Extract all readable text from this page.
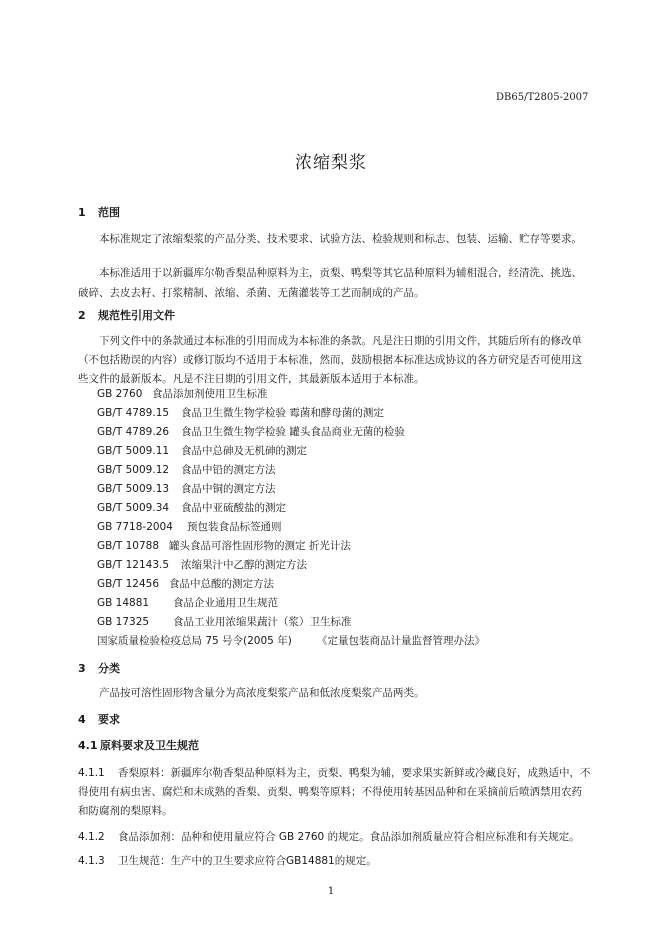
DB65/T2805-2007
浓缩梨浆
1 范围
本标准规定了浓缩梨浆的产品分类、技术要求、试验方法、检验规则和标志、包装、运输、贮存等要求。
本标准适用于以新疆库尔勒香梨品种原料为主，贡梨、鸭梨等其它品种原料为辅相混合，经清洗、挑选、破碎、去皮去籽、打浆精制、浓缩、杀菌、无菌灌装等工艺而制成的产品。
2 规范性引用文件
下列文件中的条款通过本标准的引用而成为本标准的条款。凡是注日期的引用文件，其随后所有的修改单（不包括勘误的内容）或修订版均不适用于本标准，然而，鼓励根据本标准达成协议的各方研究是否可使用这些文件的最新版本。凡是不注日期的引用文件，其最新版本适用于本标准。
GB 2760 食品添加剂使用卫生标准
GB/T 4789.15 食品卫生微生物学检验 霉菌和酵母菌的测定
GB/T 4789.26 食品卫生微生物学检验 罐头食品商业无菌的检验
GB/T 5009.11 食品中总砷及无机砷的测定
GB/T 5009.12 食品中铅的测定方法
GB/T 5009.13 食品中铜的测定方法
GB/T 5009.34 食品中亚硫酸盐的测定
GB 7718-2004 预包装食品标签通则
GB/T 10788 罐头食品可溶性固形物的测定 折光计法
GB/T 12143.5 浓缩果汁中乙醇的测定方法
GB/T 12456 食品中总酸的测定方法
GB 14881 食品企业通用卫生规范
GB 17325 食品工业用浓缩果蔬汁（浆）卫生标准
国家质量检验检疫总局 75 号令(2005 年) 《定量包装商品计量监督管理办法》
3 分类
产品按可溶性固形物含量分为高浓度梨浆产品和低浓度梨浆产品两类。
4 要求
4.1 原料要求及卫生规范
4.1.1 香梨原料：新疆库尔勒香梨品种原料为主，贡梨、鸭梨为辅，要求果实新鲜或冷藏良好，成熟适中，不得使用有病虫害、腐烂和未成熟的香梨、贡梨、鸭梨等原料；不得使用转基因品种和在采摘前后喷洒禁用农药和防腐剂的梨原料。
4.1.2 食品添加剂：品种和使用量应符合 GB 2760 的规定。食品添加剂质量应符合相应标准和有关规定。
4.1.3 卫生规范：生产中的卫生要求应符合GB14881的规定。
1
